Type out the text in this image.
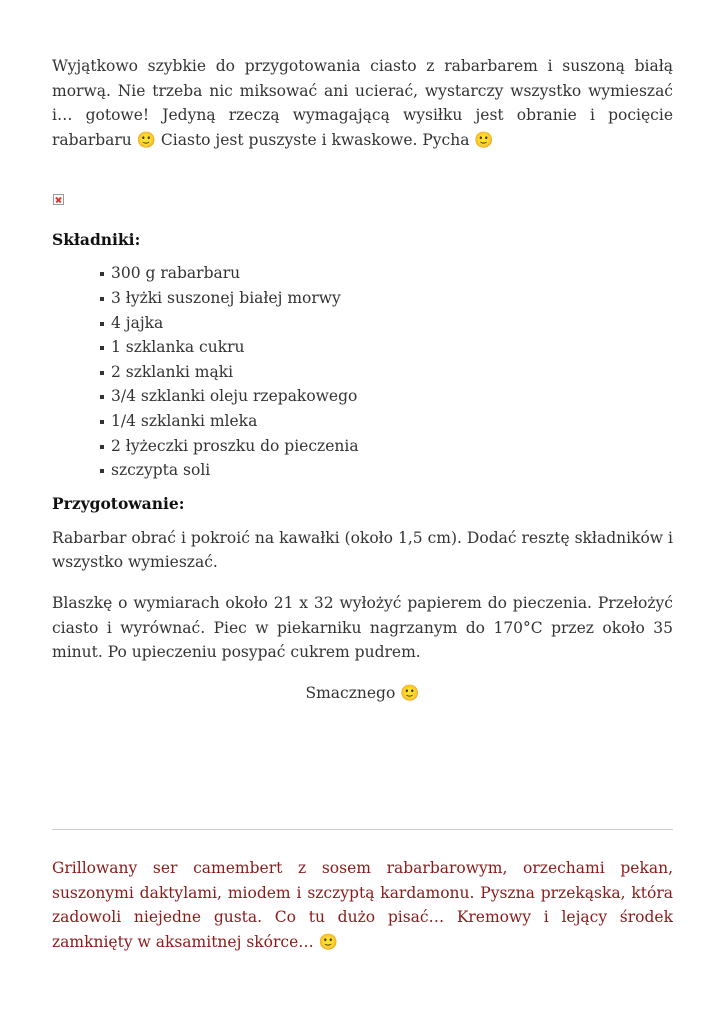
Wyjątkowo szybkie do przygotowania ciasto z rabarbarem i suszoną białą morwą. Nie trzeba nic miksować ani ucierać, wystarczy wszystko wymieszać i… gotowe! Jedyną rzeczą wymagającą wysiłku jest obranie i pocięcie rabarbaru 🙂 Ciasto jest puszyste i kwaskowe. Pycha 🙂

Składniki:
300 g rabarbaru
3 łyżki suszonej białej morwy
4 jajka
1 szklanka cukru
2 szklanki mąki
3/4 szklanki oleju rzepakowego
1/4 szklanki mleka
2 łyżeczki proszku do pieczenia
szczypta soli
Przygotowanie:

Rabarbar obrać i pokroić na kawałki (około 1,5 cm). Dodać resztę składników i wszystko wymieszać.

Blaszkę o wymiarach około 21 x 32 wyłożyć papierem do pieczenia. Przełożyć ciasto i wyrównać. Piec w piekarniku nagrzanym do 170°C przez około 35 minut. Po upieczeniu posypać cukrem pudrem.

Smacznego 🙂

Grillowany ser camembert z sosem rabarbarowym, orzechami pekan, suszonymi daktylami, miodem i szczyptą kardamonu. Pyszna przekąska, która zadowoli niejedne gusta. Co tu dużo pisać… Kremowy i lejący środek zamknięty w aksamitnej skórce… 🙂
